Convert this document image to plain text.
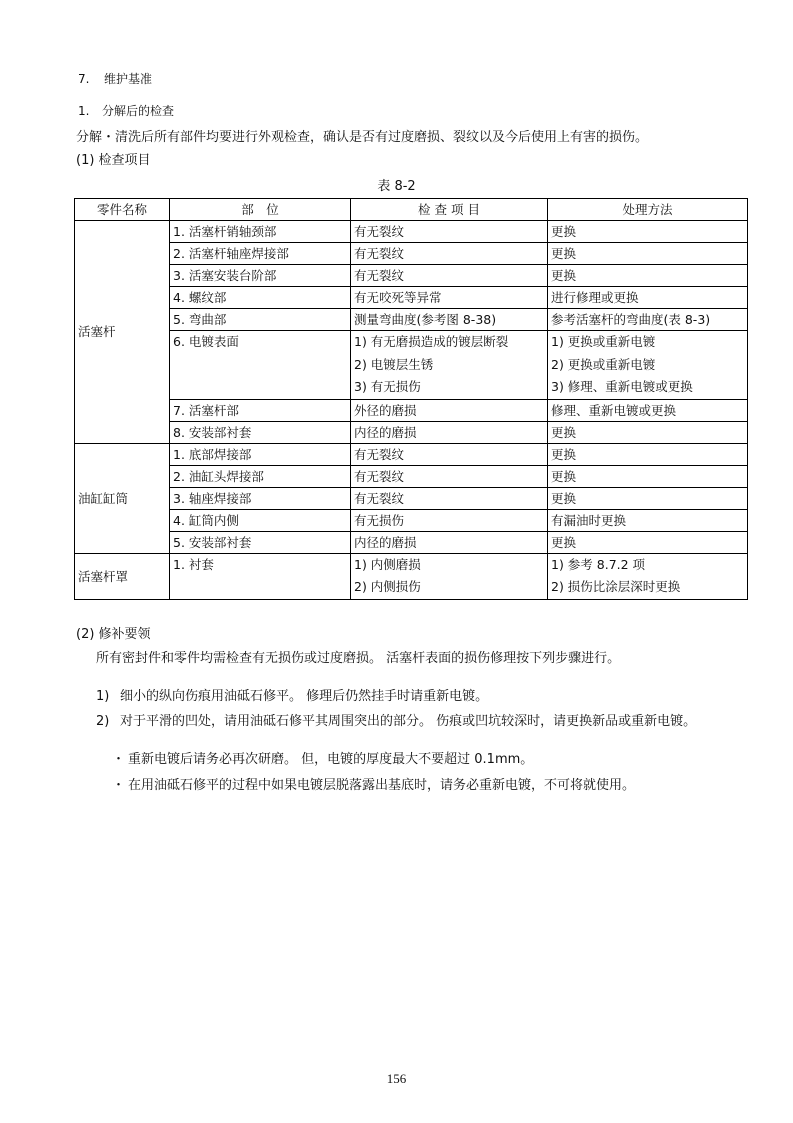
7. 维护基准
1. 分解后的检查
分解・清洗后所有部件均要进行外观检查，确认是否有过度磨损、裂纹以及今后使用上有害的损伤。
(1) 检查项目
表 8-2
零件名称	部　位	检 查 项 目	处理方法
活塞杆	1. 活塞杆销轴颈部	有无裂纹	更换

	2. 活塞杆轴座焊接部	有无裂纹	更换

	3. 活塞安装台阶部	有无裂纹	更换

	4. 螺纹部	有无咬死等异常	进行修理或更换

	5. 弯曲部	测量弯曲度(参考图 8-38)	参考活塞杆的弯曲度(表 8-3)

	6. 电镀表面	1) 有无磨损造成的镀层断裂
2) 电镀层生锈
3) 有无损伤	1) 更换或重新电镀
2) 更换或重新电镀
3) 修理、重新电镀或更换

	7. 活塞杆部	外径的磨损	修理、重新电镀或更换

	8. 安装部衬套	内径的磨损	更换

油缸缸筒	1. 底部焊接部	有无裂纹	更换

	2. 油缸头焊接部	有无裂纹	更换

	3. 轴座焊接部	有无裂纹	更换

	4. 缸筒内侧	有无损伤	有漏油时更换

	5. 安装部衬套	内径的磨损	更换

活塞杆罩	1. 衬套	1) 内侧磨损
2) 内侧损伤	1) 参考 8.7.2 项
2) 损伤比涂层深时更换
(2) 修补要领
所有密封件和零件均需检查有无损伤或过度磨损。 活塞杆表面的损伤修理按下列步骤进行。
1) 细小的纵向伤痕用油砥石修平。 修理后仍然挂手时请重新电镀。
2) 对于平滑的凹处，请用油砥石修平其周围突出的部分。 伤痕或凹坑较深时，请更换新品或重新电镀。
・ 重新电镀后请务必再次研磨。 但，电镀的厚度最大不要超过 0.1mm。
・ 在用油砥石修平的过程中如果电镀层脱落露出基底时，请务必重新电镀，不可将就使用。
156
